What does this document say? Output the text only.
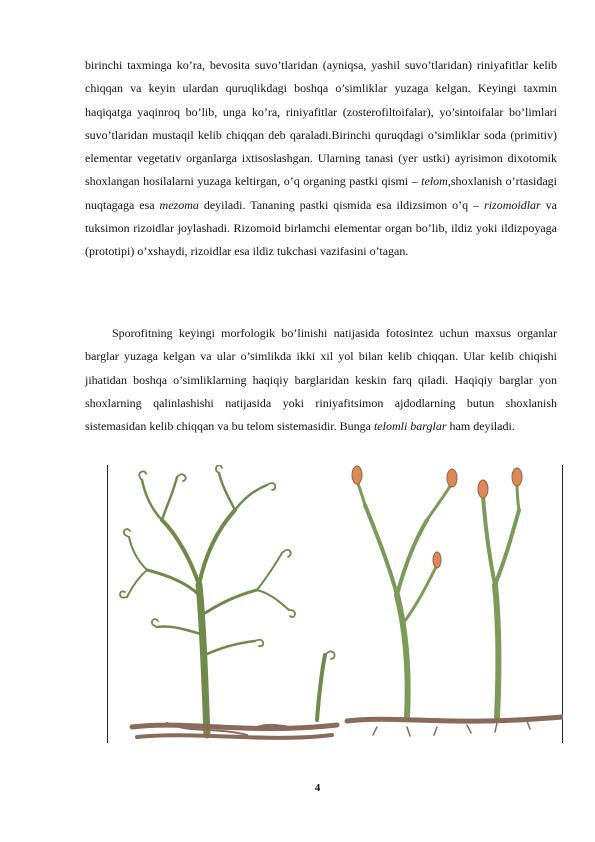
birinchi taxminga ko’ra, bevosita suvo’tlaridan (ayniqsa, yashil suvo’tlaridan) riniyafitlar kelib chiqqan va keyin ulardan quruqlikdagi boshqa o’simliklar yuzaga kelgan. Keyingi taxmin haqiqatga yaqinroq bo’lib, unga ko’ra, riniyafitlar (zosterofiltoifalar), yo’sintoifalar bo’limlari suvo’tlaridan mustaqil kelib chiqqan deb qaraladi.Birinchi quruqdagi o’simliklar soda (primitiv) elementar vegetativ organlarga ixtisoslashgan. Ularning tanasi (yer ustki) ayrisimon dixotomik shoxlangan hosilalarni yuzaga keltirgan, o’q organing pastki qismi – telom,shoxlanish o’rtasidagi nuqtagaga esa mezoma deyiladi. Tananing pastki qismida esa ildizsimon o’q – rizomoidlar va tuksimon rizoidlar joylashadi. Rizomoid birlamchi elementar organ bo’lib, ildiz yoki ildizpoyaga (prototipi) o’xshaydi, rizoidlar esa ildiz tukchasi vazifasini o’tagan.

Sporofitning keyingi morfologik bo’linishi natijasida fotosintez uchun maxsus organlar barglar yuzaga kelgan va ular o’simlikda ikki xil yol bilan kelib chiqqan. Ular kelib chiqishi jihatidan boshqa o’simliklarning haqiqiy barglaridan keskin farq qiladi. Haqiqiy barglar yon shoxlarning qalinlashishi natijasida yoki riniyafitsimon ajdodlarning butun shoxlanish sistemasidan kelib chiqqan va bu telom sistemasidir. Bunga telomli barglar ham deyiladi.

4
